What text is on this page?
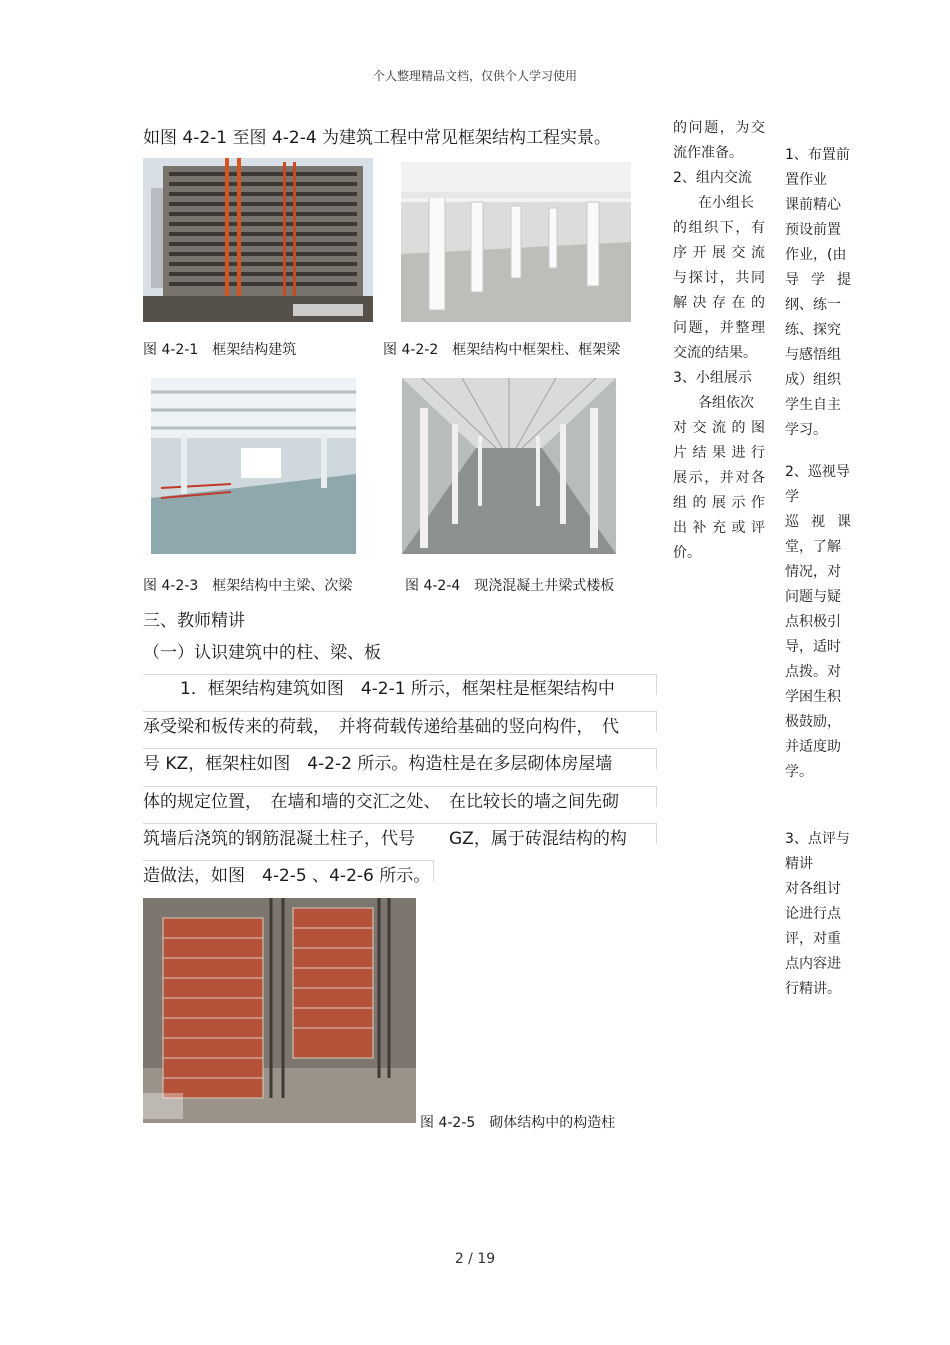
个人整理精品文档，仅供个人学习使用
如图 4-2-1 至图 4-2-4 为建筑工程中常见框架结构工程实景。
图 4-2-1　框架结构建筑	图 4-2-2　框架结构中框架柱、框架梁
图 4-2-3　框架结构中主梁、次梁	图 4-2-4　现浇混凝土井梁式楼板
三、教师精讲
（一）认识建筑中的柱、梁、板
1．框架结构建筑如图　4-2-1 所示，框架柱是框架结构中
承受梁和板传来的荷载，　并将荷载传递给基础的竖向构件，　代
号 KZ，框架柱如图　4-2-2 所示。构造柱是在多层砌体房屋墙
体的规定位置，　在墙和墙的交汇之处、　在比较长的墙之间先砌
筑墙后浇筑的钢筋混凝土柱子，代号　　GZ，属于砖混结构的构
造做法，如图　4-2-5 、4-2-6 所示。
图 4-2-5　砌体结构中的构造柱

的问题，为交

流作准备。

2、组内交流

在小组长

的组织下，有

序开展交流

与探讨，共同

解决存在的

问题，并整理

交流的结果。

3、小组展示

各组依次

对交流的图

片结果进行

展示，并对各

组的展示作

出补充或评

价。

1、布置前

置作业

课前精心

预设前置

作业，(由

导学提

纲、练一

练、探究

与感悟组

成）组织

学生自主

学习。

2、巡视导

学

巡视课

堂，了解

情况，对

问题与疑

点积极引

导，适时

点拨。对

学困生积

极鼓励，

并适度助

学。

3、点评与

精讲

对各组讨

论进行点

评，对重

点内容进

行精讲。

2 / 19
